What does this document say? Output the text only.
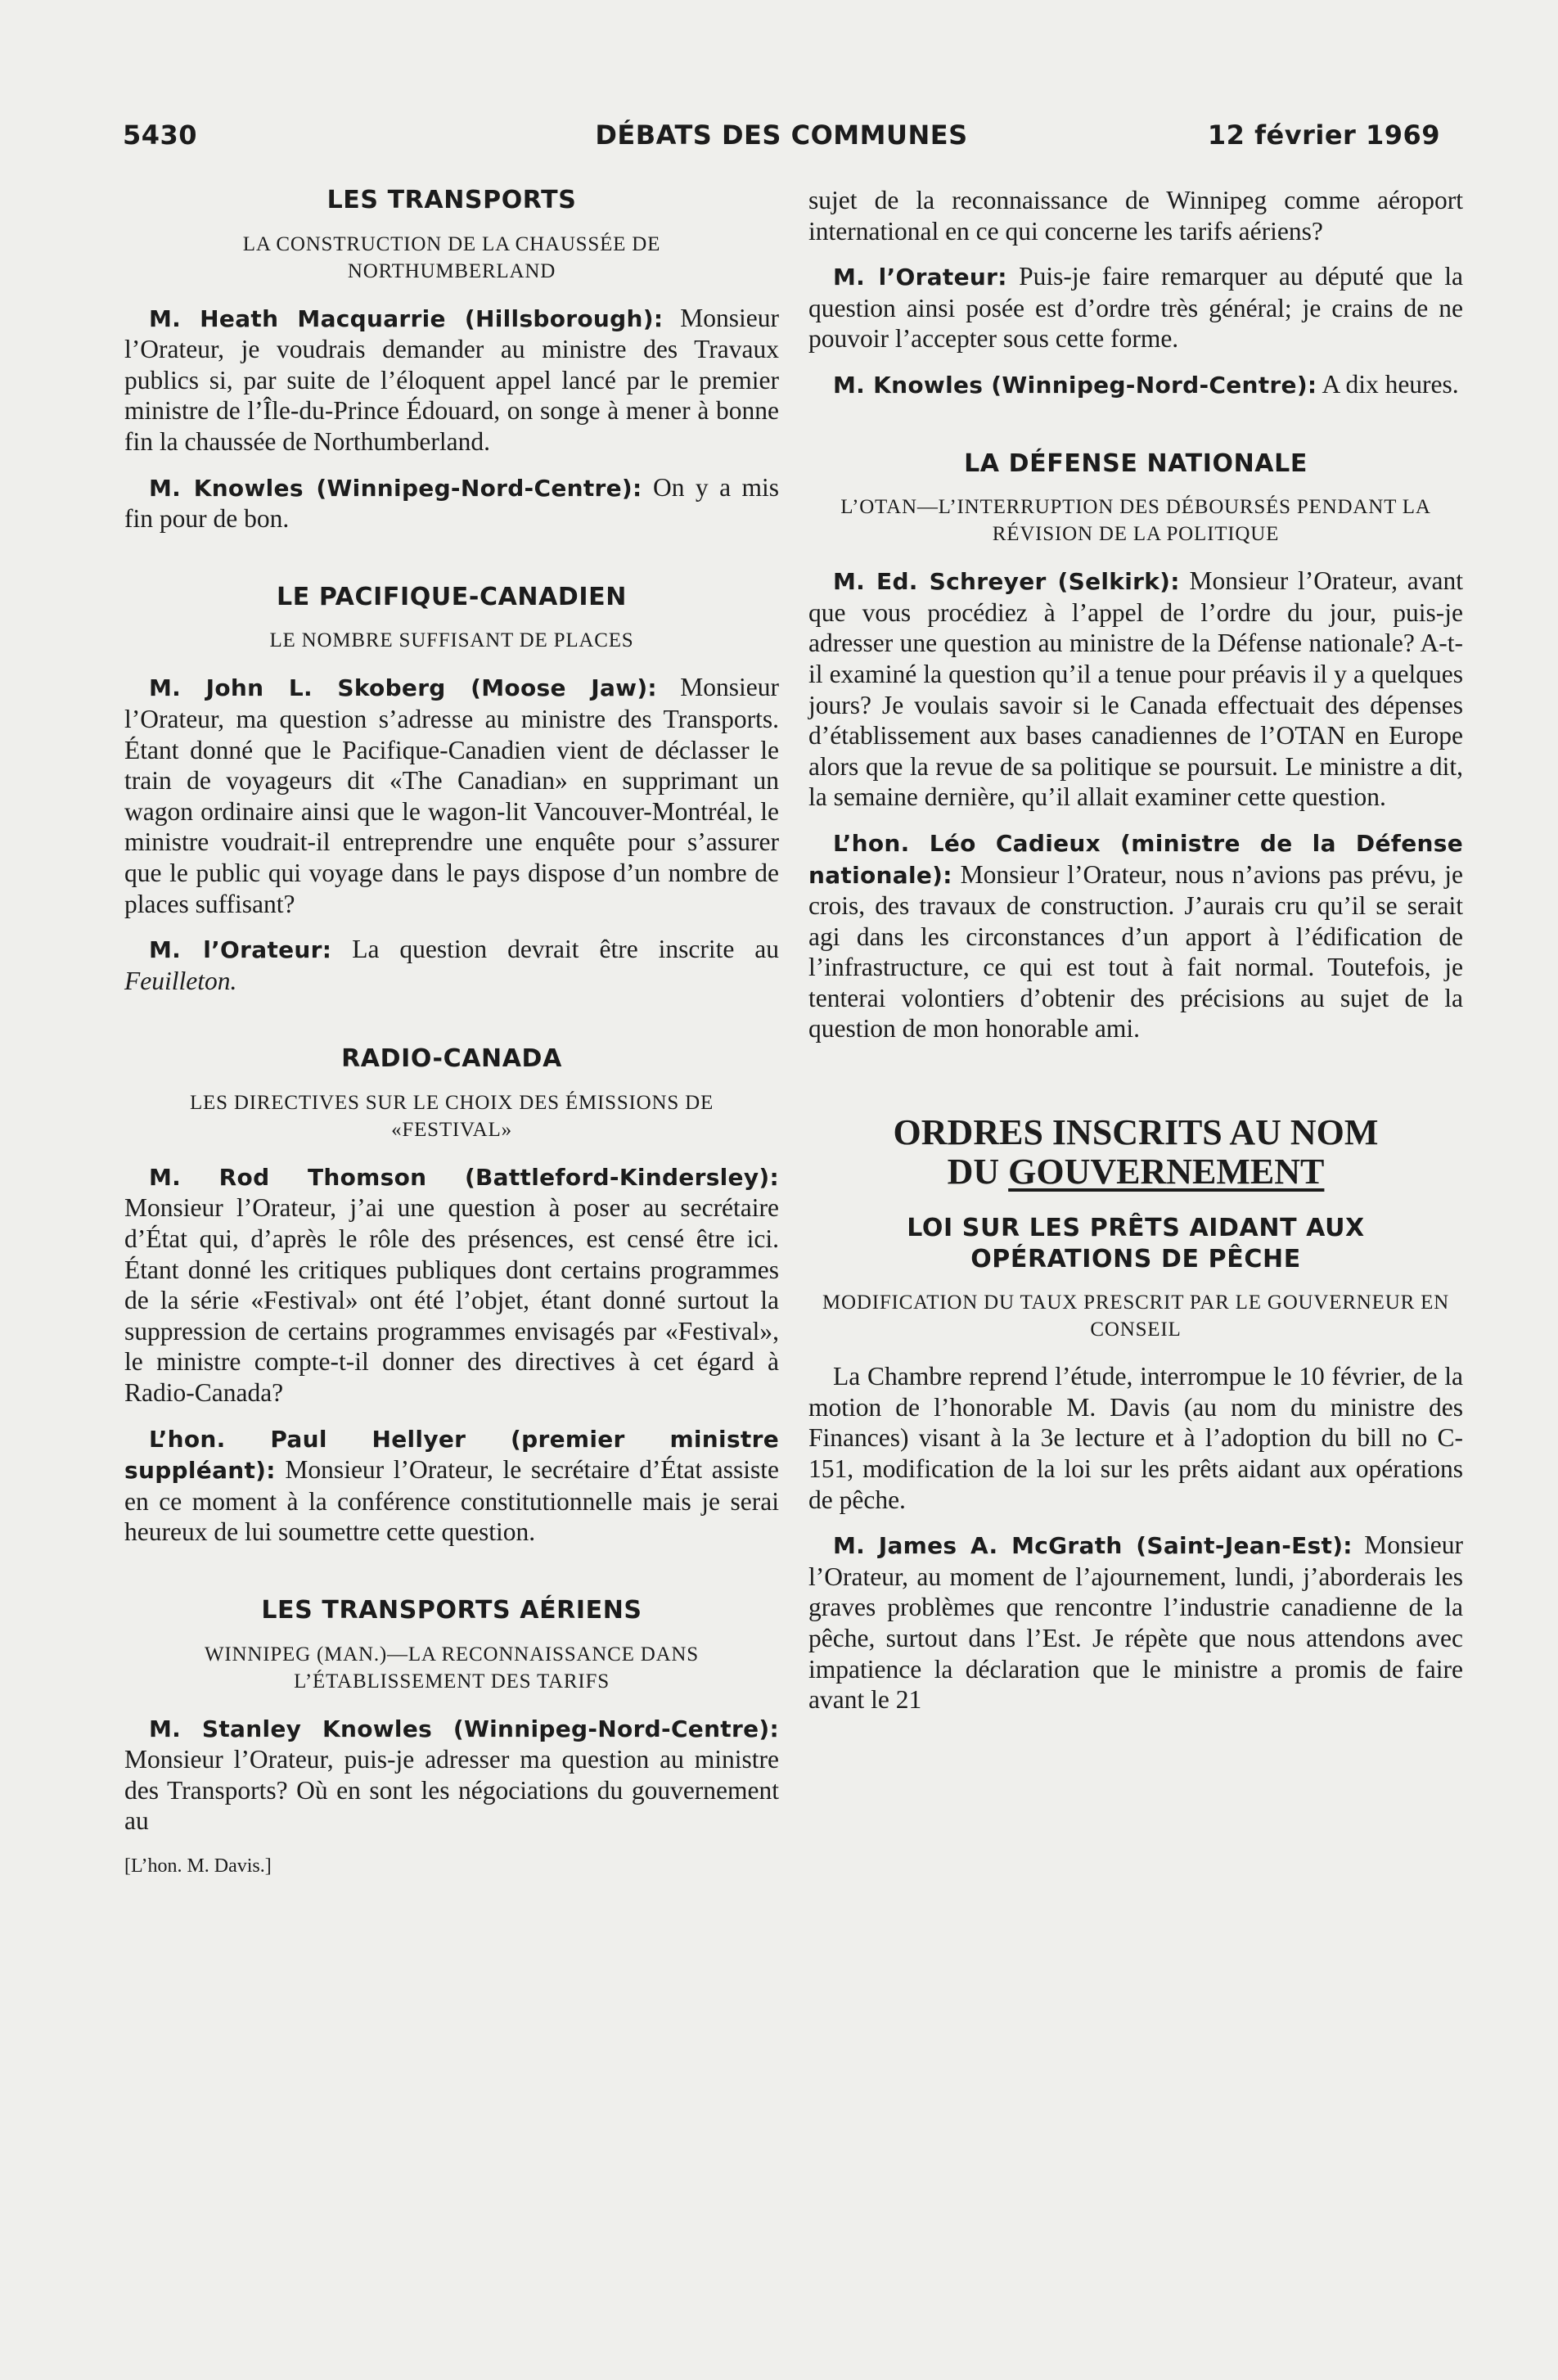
5430	DÉBATS DES COMMUNES	12 février 1969
LES TRANSPORTS
LA CONSTRUCTION DE LA CHAUSSÉE DE NORTHUMBERLAND

M. Heath Macquarrie (Hillsborough): Monsieur l’Orateur, je voudrais demander au ministre des Travaux publics si, par suite de l’éloquent appel lancé par le premier ministre de l’Île-du-Prince Édouard, on songe à mener à bonne fin la chaussée de Northumberland.

M. Knowles (Winnipeg-Nord-Centre): On y a mis fin pour de bon.

LE PACIFIQUE-CANADIEN
LE NOMBRE SUFFISANT DE PLACES

M. John L. Skoberg (Moose Jaw): Monsieur l’Orateur, ma question s’adresse au ministre des Transports. Étant donné que le Pacifique-Canadien vient de déclasser le train de voyageurs dit «The Canadian» en supprimant un wagon ordinaire ainsi que le wagon-lit Vancouver-Montréal, le ministre voudrait-il entreprendre une enquête pour s’assurer que le public qui voyage dans le pays dispose d’un nombre de places suffisant?

M. l’Orateur: La question devrait être inscrite au Feuilleton.

RADIO-CANADA
LES DIRECTIVES SUR LE CHOIX DES ÉMISSIONS DE «FESTIVAL»

M. Rod Thomson (Battleford-Kindersley): Monsieur l’Orateur, j’ai une question à poser au secrétaire d’État qui, d’après le rôle des présences, est censé être ici. Étant donné les critiques publiques dont certains programmes de la série «Festival» ont été l’objet, étant donné surtout la suppression de certains programmes envisagés par «Festival», le ministre compte-t-il donner des directives à cet égard à Radio-Canada?

L’hon. Paul Hellyer (premier ministre suppléant): Monsieur l’Orateur, le secrétaire d’État assiste en ce moment à la conférence constitutionnelle mais je serai heureux de lui soumettre cette question.

LES TRANSPORTS AÉRIENS
WINNIPEG (MAN.)—LA RECONNAISSANCE DANS L’ÉTABLISSEMENT DES TARIFS

M. Stanley Knowles (Winnipeg-Nord-Centre): Monsieur l’Orateur, puis-je adresser ma question au ministre des Transports? Où en sont les négociations du gouvernement au

[L’hon. M. Davis.]

sujet de la reconnaissance de Winnipeg comme aéroport international en ce qui concerne les tarifs aériens?

M. l’Orateur: Puis-je faire remarquer au député que la question ainsi posée est d’ordre très général; je crains de ne pouvoir l’accepter sous cette forme.

M. Knowles (Winnipeg-Nord-Centre): A dix heures.

LA DÉFENSE NATIONALE
L’OTAN—L’INTERRUPTION DES DÉBOURSÉS PENDANT LA RÉVISION DE LA POLITIQUE

M. Ed. Schreyer (Selkirk): Monsieur l’Orateur, avant que vous procédiez à l’appel de l’ordre du jour, puis-je adresser une question au ministre de la Défense nationale? A-t-il examiné la question qu’il a tenue pour préavis il y a quelques jours? Je voulais savoir si le Canada effectuait des dépenses d’établissement aux bases canadiennes de l’OTAN en Europe alors que la revue de sa politique se poursuit. Le ministre a dit, la semaine dernière, qu’il allait examiner cette question.

L’hon. Léo Cadieux (ministre de la Défense nationale): Monsieur l’Orateur, nous n’avions pas prévu, je crois, des travaux de construction. J’aurais cru qu’il se serait agi dans les circonstances d’un apport à l’édification de l’infrastructure, ce qui est tout à fait normal. Toutefois, je tenterai volontiers d’obtenir des précisions au sujet de la question de mon honorable ami.

ORDRES INSCRITS AU NOM
DU GOUVERNEMENT
LOI SUR LES PRÊTS AIDANT AUX OPÉRATIONS DE PÊCHE
MODIFICATION DU TAUX PRESCRIT PAR LE GOUVERNEUR EN CONSEIL

La Chambre reprend l’étude, interrompue le 10 février, de la motion de l’honorable M. Davis (au nom du ministre des Finances) visant à la 3e lecture et à l’adoption du bill no C-151, modification de la loi sur les prêts aidant aux opérations de pêche.

M. James A. McGrath (Saint-Jean-Est): Monsieur l’Orateur, au moment de l’ajournement, lundi, j’aborderais les graves problèmes que rencontre l’industrie canadienne de la pêche, surtout dans l’Est. Je répète que nous attendons avec impatience la déclaration que le ministre a promis de faire avant le 21
